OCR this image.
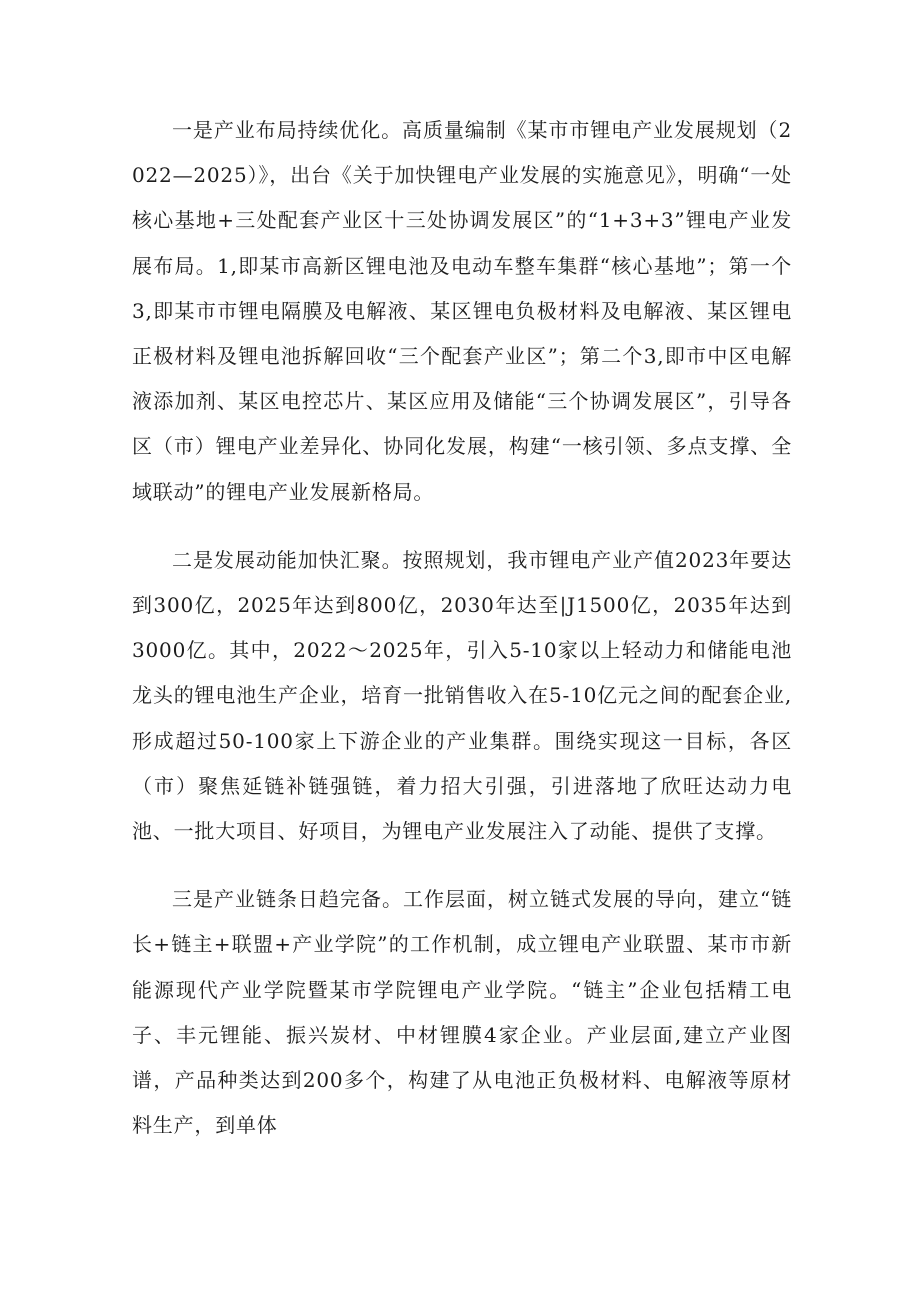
一是产业布局持续优化。高质量编制《某市市锂电产业发展规划（2022—2025）》，出台《关于加快锂电产业发展的实施意见》，明确“一处核心基地+三处配套产业区十三处协调发展区”的“1+3+3”锂电产业发展布局。1,即某市高新区锂电池及电动车整车集群“核心基地”；第一个3,即某市市锂电隔膜及电解液、某区锂电负极材料及电解液、某区锂电正极材料及锂电池拆解回收“三个配套产业区”；第二个3,即市中区电解液添加剂、某区电控芯片、某区应用及储能“三个协调发展区”，引导各区（市）锂电产业差异化、协同化发展，构建“一核引领、多点支撑、全域联动”的锂电产业发展新格局。

二是发展动能加快汇聚。按照规划，我市锂电产业产值2023年要达到300亿，2025年达到800亿，2030年达至|J1500亿，2035年达到3000亿。其中，2022～2025年，引入5-10家以上轻动力和储能电池龙头的锂电池生产企业，培育一批销售收入在5-10亿元之间的配套企业,形成超过50-100家上下游企业的产业集群。围绕实现这一目标，各区（市）聚焦延链补链强链，着力招大引强，引进落地了欣旺达动力电池、一批大项目、好项目，为锂电产业发展注入了动能、提供了支撑。

三是产业链条日趋完备。工作层面，树立链式发展的导向，建立“链长+链主+联盟+产业学院”的工作机制，成立锂电产业联盟、某市市新能源现代产业学院暨某市学院锂电产业学院。“链主”企业包括精工电子、丰元锂能、振兴炭材、中材锂膜4家企业。产业层面,建立产业图谱，产品种类达到200多个，构建了从电池正负极材料、电解液等原材料生产，到单体
